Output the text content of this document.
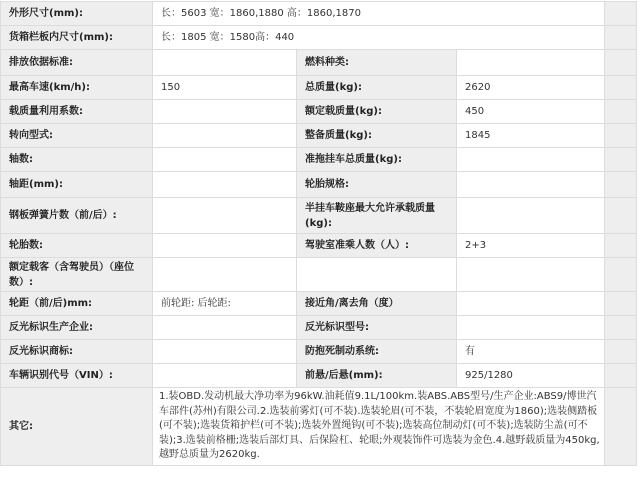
外形尺寸(mm):	长：5603 宽：1860,1880 高：1860,1870			
货箱栏板内尺寸(mm):	长：1805 宽：1580高：440			
排放依据标准:		燃料种类:		
最高车速(km/h):	150	总质量(kg):	2620	
载质量利用系数:		额定载质量(kg):	450	
转向型式:		整备质量(kg):	1845	
轴数:		准拖挂车总质量(kg):		
轴距(mm):		轮胎规格:		
钢板弹簧片数（前/后）:		半挂车鞍座最大允许承载质量(kg):		
轮胎数:		驾驶室准乘人数（人）:	2+3	
额定载客（含驾驶员）（座位数）:				
轮距（前/后)mm:	前轮距: 后轮距:	接近角/离去角（度）		
反光标识生产企业:		反光标识型号:		
反光标识商标:		防抱死制动系统:	有	
车辆识别代号（VIN）:		前悬/后悬(mm):	925/1280	
其它:	1.装OBD.发动机最大净功率为96kW.油耗值9.1L/100km.装ABS.ABS型号/生产企业:ABS9/博世汽车部件(苏州)有限公司.2.选装前雾灯(可不装).选装轮眉(可不装，不装轮眉宽度为1860);选装侧踏板(可不装);选装货箱护栏(可不装);选装外置绳钩(可不装);选装高位制动灯(可不装);选装防尘盖(可不装);3.选装前格栅;选装后部灯具、后保险杠、轮眼;外观装饰件可选装为金色.4.越野载质量为450kg,越野总质量为2620kg.			
